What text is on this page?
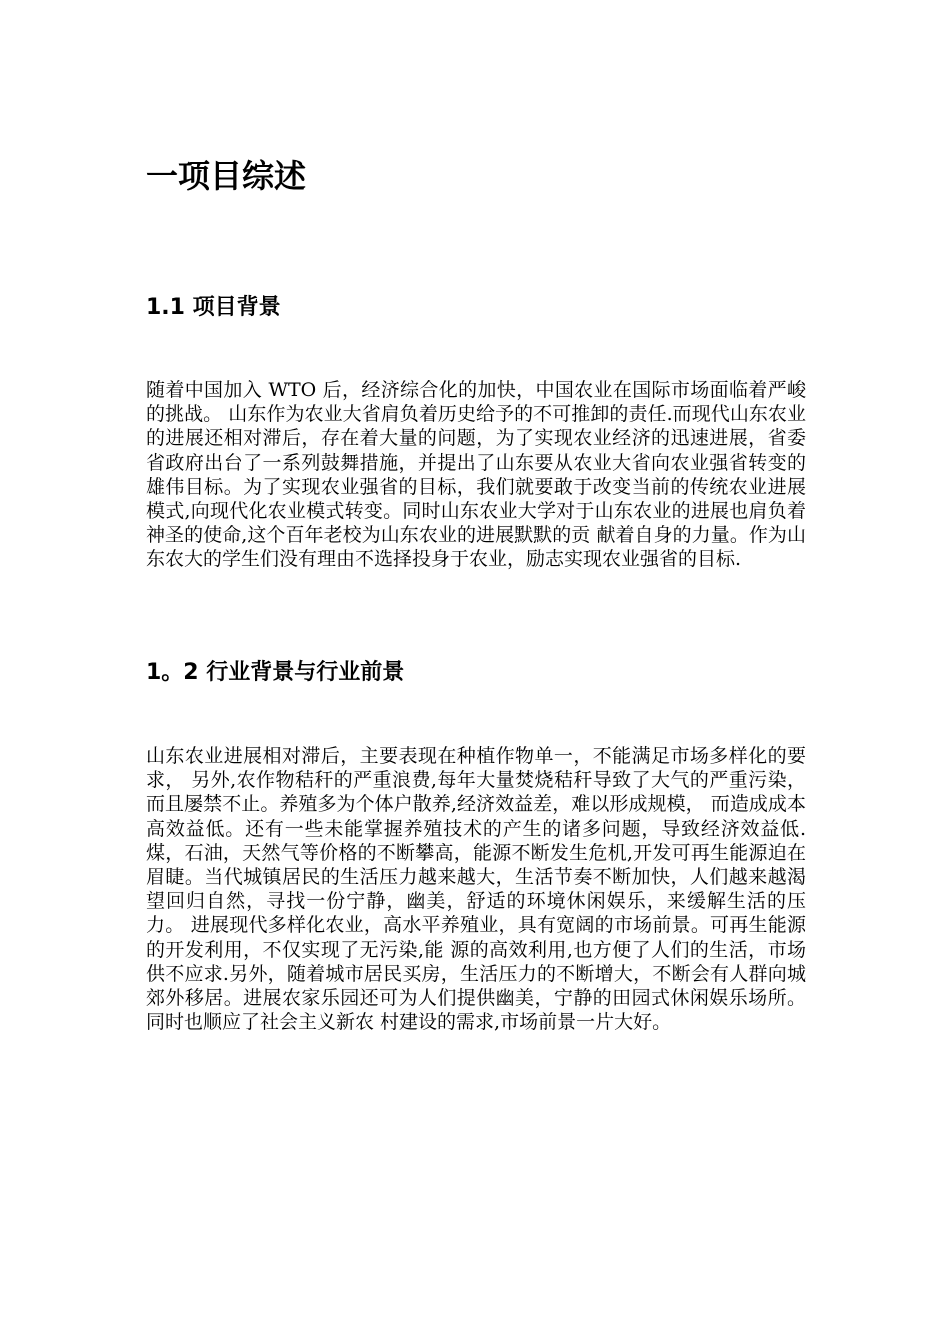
一项目综述
1.1 项目背景

随着中国加入 WTO 后，经济综合化的加快，中国农业在国际市场面临着严峻的挑战。 山东作为农业大省肩负着历史给予的不可推卸的责任.而现代山东农业的进展还相对滞后，存在着大量的问题，为了实现农业经济的迅速进展，省委省政府出台了一系列鼓舞措施，并提出了山东要从农业大省向农业强省转变的雄伟目标。为了实现农业强省的目标，我们就要敢于改变当前的传统农业进展模式,向现代化农业模式转变。同时山东农业大学对于山东农业的进展也肩负着神圣的使命,这个百年老校为山东农业的进展默默的贡 献着自身的力量。作为山东农大的学生们没有理由不选择投身于农业，励志实现农业强省的目标.

1。2 行业背景与行业前景

山东农业进展相对滞后，主要表现在种植作物单一，不能满足市场多样化的要求， 另外,农作物秸秆的严重浪费,每年大量焚烧秸秆导致了大气的严重污染，而且屡禁不止。养殖多为个体户散养,经济效益差，难以形成规模， 而造成成本高效益低。还有一些未能掌握养殖技术的产生的诸多问题，导致经济效益低. 煤，石油，天然气等价格的不断攀高，能源不断发生危机,开发可再生能源迫在眉睫。当代城镇居民的生活压力越来越大，生活节奏不断加快，人们越来越渴望回归自然，寻找一份宁静，幽美，舒适的环境休闲娱乐，来缓解生活的压力。 进展现代多样化农业，高水平养殖业，具有宽阔的市场前景。可再生能源的开发利用，不仅实现了无污染,能 源的高效利用,也方便了人们的生活，市场供不应求.另外，随着城市居民买房，生活压力的不断增大，不断会有人群向城郊外移居。进展农家乐园还可为人们提供幽美，宁静的田园式休闲娱乐场所。 同时也顺应了社会主义新农 村建设的需求,市场前景一片大好。
